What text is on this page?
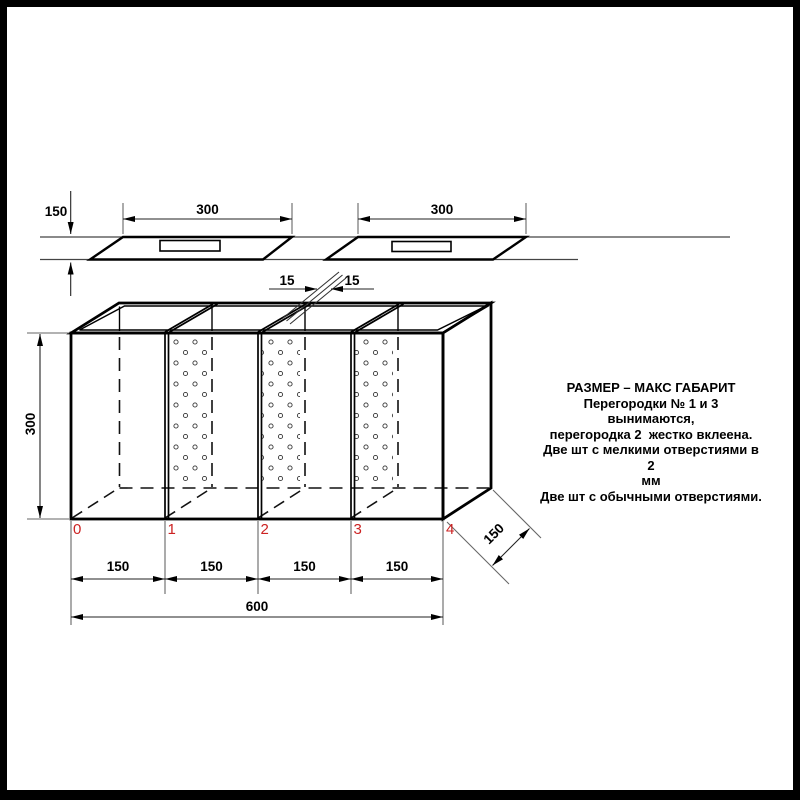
150	300	300
15	15
300
150
150	150	150	150
600
0	1	2	3	4
РАЗМЕР – МАКС ГАБАРИТ
Перегородки № 1 и 3 вынимаются,
перегородка 2  жестко вклеена.
Две шт с мелкими отверстиями в 2
мм
Две шт с обычными отверстиями.
